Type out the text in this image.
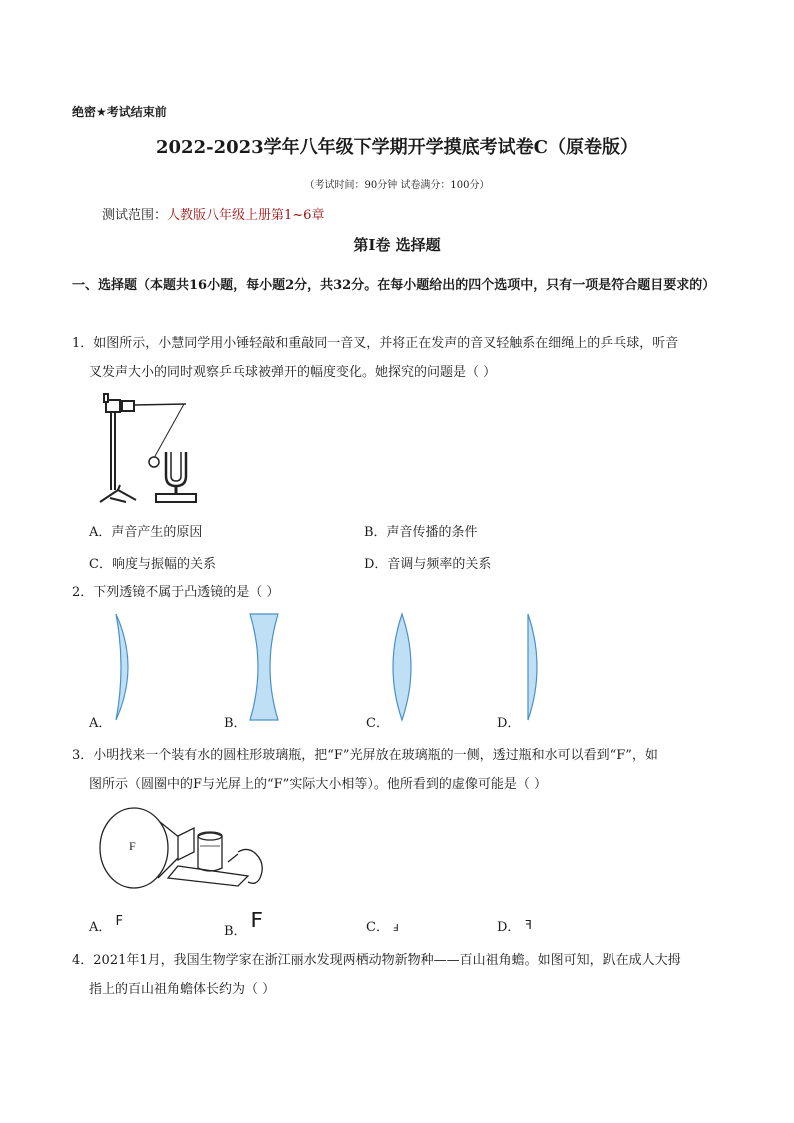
绝密★考试结束前
2022-2023学年八年级下学期开学摸底考试卷C（原卷版）
（考试时间：90分钟 试卷满分：100分）
测试范围：人教版八年级上册第1~6章
第Ⅰ卷 选择题
一、选择题（本题共16小题，每小题2分，共32分。在每小题给出的四个选项中，只有一项是符合题目要求的）
1．如图所示，小慧同学用小锤轻敲和重敲同一音叉，并将正在发声的音叉轻触系在细绳上的乒乓球，听音
叉发声大小的同时观察乒乓球被弹开的幅度变化。她探究的问题是（ ）
A．声音产生的原因	B．声音传播的条件
C．响度与振幅的关系	D．音调与频率的关系
2．下列透镜不属于凸透镜的是（ ）
A．	B．	C．	D．
3．小明找来一个装有水的圆柱形玻璃瓶，把“F”光屏放在玻璃瓶的一侧，透过瓶和水可以看到“F”，如
图所示（圆圈中的F与光屏上的“F”实际大小相等）。他所看到的虚像可能是（ ）
F
A． F
B． F	C． F	D． F
4．2021年1月，我国生物学家在浙江丽水发现两栖动物新物种——百山祖角蟾。如图可知，趴在成人大拇
指上的百山祖角蟾体长约为（ ）
